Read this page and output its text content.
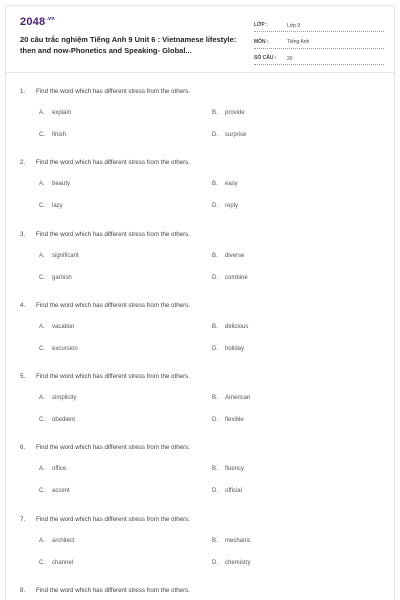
$2048^{.vn}$
20 câu trắc nghiệm Tiếng Anh 9 Unit 6 : Vietnamese lifestyle: then and now-Phonetics and Speaking- Global...
LỚP :	Lớp 9
MÔN :	Tiếng Anh
SỐ CÂU : 20
1. Find the word which has different stress from the others.
A. explain	B. provide
C. finish	D. surprise
2. Find the word which has different stress from the others.
A. beauty	B. easy
C. lazy	D. reply
3. Find the word which has different stress from the others.
A. significant	B. diverse
C. garnish	D. combine
4. Find the word which has different stress from the others.
A. vacation	B. delicious
C. excursion	D. holiday
5. Find the word which has different stress from the others.
A. simplicity	B. American
C. obedient	D. flexible
6. Find the word which has different stress from the others.
A. office	B. fluency
C. accent	D. official
7. Find the word which has different stress from the others.
A. architect	B. mechanic
C. channel	D. chemistry
8. Find the word which has different stress from the others.
